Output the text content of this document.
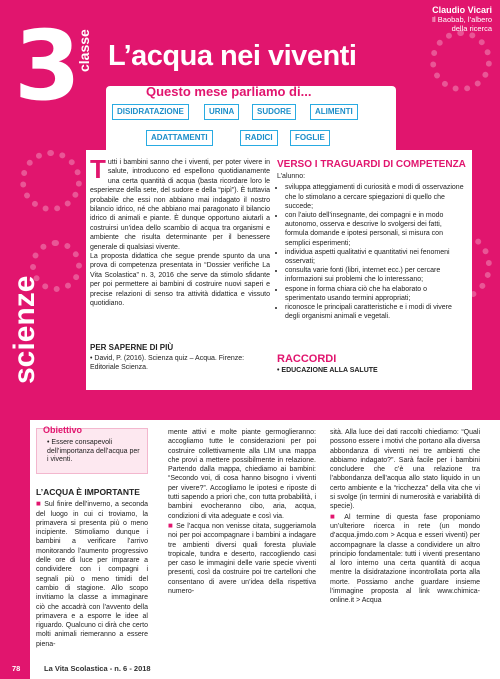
3
classe L’acqua nei viventi
Claudio Vicari
Il Baobab, l’albero
della ricerca
scienze
Questo mese parliamo di...
DISIDRATAZIONE	URINA	SUDORE	ALIMENTI
ADATTAMENTI	RADICI	FOGLIE
T utti i bambini sanno che i viventi, per poter vivere in salute, introducono ed espellono quotidianamente una certa quantità di acqua (basta ricordare loro le esperienze della sete, del sudore e della “pipì”). È tuttavia probabile che essi non abbiano mai indagato il nostro bilancio idrico, né che abbiano mai paragonato il bilancio idrico di animali e piante. È dunque opportuno aiutarli a costruirsi un’idea dello scambio di acqua tra organismi e ambiente che risulta determinante per il benessere generale di qualsiasi vivente.
La proposta didattica che segue prende spunto da una prova di competenza presentata in “Dossier verifiche La Vita Scolastica” n. 3, 2016 che serve da stimolo sfidante per poi permettere ai bambini di costruire nuovi saperi e precise relazioni di senso tra attività didattica e vissuto quotidiano.
PER SAPERNE DI PIÙ
• David, P. (2016). Scienza quiz – Acqua. Firenze: Editoriale Scienza.
VERSO I TRAGUARDI DI COMPETENZA
L’alunno:
• sviluppa atteggiamenti di curiosità e modi di osservazione che lo stimolano a cercare spiegazioni di quello che succede;
• con l’aiuto dell’insegnante, dei compagni e in modo autonomo, osserva e descrive lo svolgersi dei fatti, formula domande e ipotesi personali, si misura con semplici esperimenti;
• individua aspetti qualitativi e quantitativi nei fenomeni osservati;
• consulta varie fonti (libri, internet ecc.) per cercare informazioni sui problemi che lo interessano;
• espone in forma chiara ciò che ha elaborato o sperimentato usando termini appropriati;
• riconosce le principali caratteristiche e i modi di vivere degli organismi animali e vegetali.
RACCORDI
• EDUCAZIONE ALLA SALUTE
Obiettivo
• Essere consapevoli dell’importanza dell’acqua per i viventi.
L’ACQUA È IMPORTANTE
■ Sul finire dell’inverno, a seconda del luogo in cui ci troviamo, la primavera si presenta più o meno incipiente. Stimoliamo dunque i bambini a verificare l’arrivo monitorando l’aumento progressivo delle ore di luce per imparare a condividere con i compagni i segnali più o meno timidi del cambio di stagione. Allo scopo invitiamo la classe a immaginare ciò che accadrà con l’avvento della primavera e a esporre le idee al riguardo. Qualcuno ci dirà che certo molti animali riemeranno a essere piena-
mente attivi e molte piante germoglieranno: accogliamo tutte le considerazioni per poi costruire collettivamente alla LIM una mappa che provi a mettere possibilmente in relazione. Partendo dalla mappa, chiediamo ai bambini: “Secondo voi, di cosa hanno bisogno i viventi per vivere?”. Accogliamo le ipotesi e riposte di tutti sapendo a priori che, con tutta probabilità, i bambini evocheranno cibo, aria, acqua, condizioni di vita adeguate e così via.
■ Se l’acqua non venisse citata, suggeriamola noi per poi accompagnare i bambini a indagare tre ambienti diversi quali foresta pluviale tropicale, tundra e deserto, raccogliendo casi per caso le immagini delle varie specie viventi presenti, così da costruire poi tre cartelloni che consentano di avere un’idea della rispettiva numero-
sità. Alla luce dei dati raccolti chiediamo: “Quali possono essere i motivi che portano alla diversa abbondanza di viventi nei tre ambienti che abbiamo indagato?”. Sarà facile per i bambini concludere che c’è una relazione tra l’abbondanza dell’acqua allo stato liquido in un certo ambiente e la “ricchezza” della vita che vi si svolge (in termini di numerosità e variabilità di specie).
■ Al termine di questa fase proponiamo un’ulteriore ricerca in rete (un mondo d’acqua.jimdo.com > Acqua e esseri viventi) per accompagnare la classe a condividere un altro principio fondamentale: tutti i viventi presentano al loro interno una certa quantità di acqua mentre la disidratazione incontrollata porta alla morte. Possiamo anche guardare insieme l’immagine proposta al link www.chimica-online.it > Acqua
78	La Vita Scolastica - n. 6 - 2018
